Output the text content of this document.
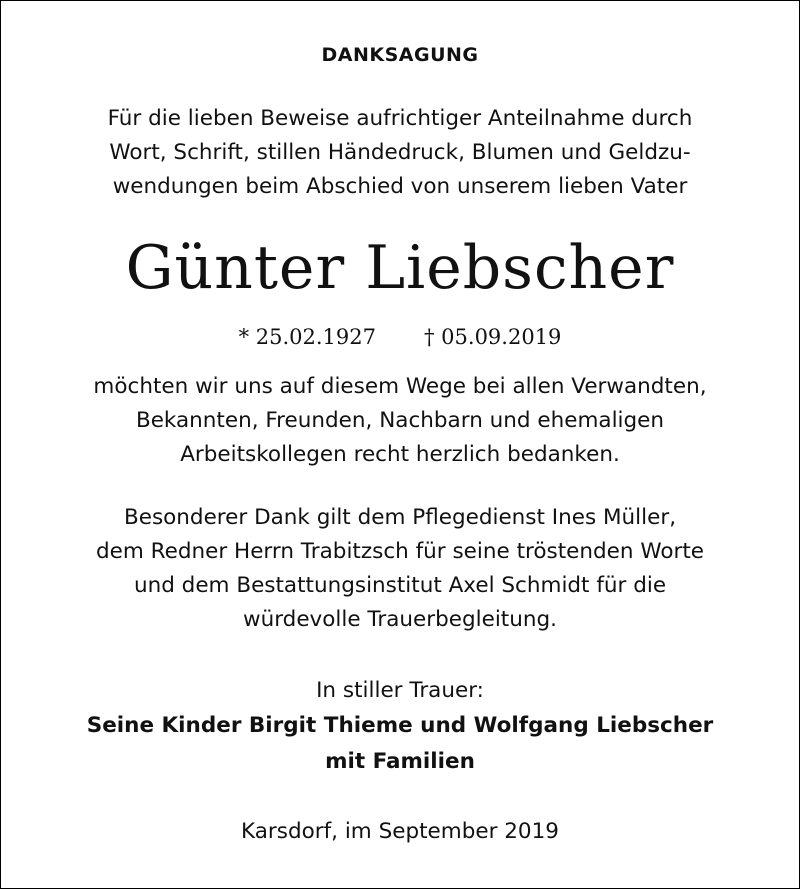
DANKSAGUNG
Für die lieben Beweise aufrichtiger Anteilnahme durch
Wort, Schrift, stillen Händedruck, Blumen und Geldzu-
wendungen beim Abschied von unserem lieben Vater
Günter Liebscher
* 25.02.1927 † 05.09.2019
möchten wir uns auf diesem Wege bei allen Verwandten,
Bekannten, Freunden, Nachbarn und ehemaligen
Arbeitskollegen recht herzlich bedanken.
Besonderer Dank gilt dem Pflegedienst Ines Müller,
dem Redner Herrn Trabitzsch für seine tröstenden Worte
und dem Bestattungsinstitut Axel Schmidt für die
würdevolle Trauerbegleitung.
In stiller Trauer:
Seine Kinder Birgit Thieme und Wolfgang Liebscher
mit Familien
Karsdorf, im September 2019
